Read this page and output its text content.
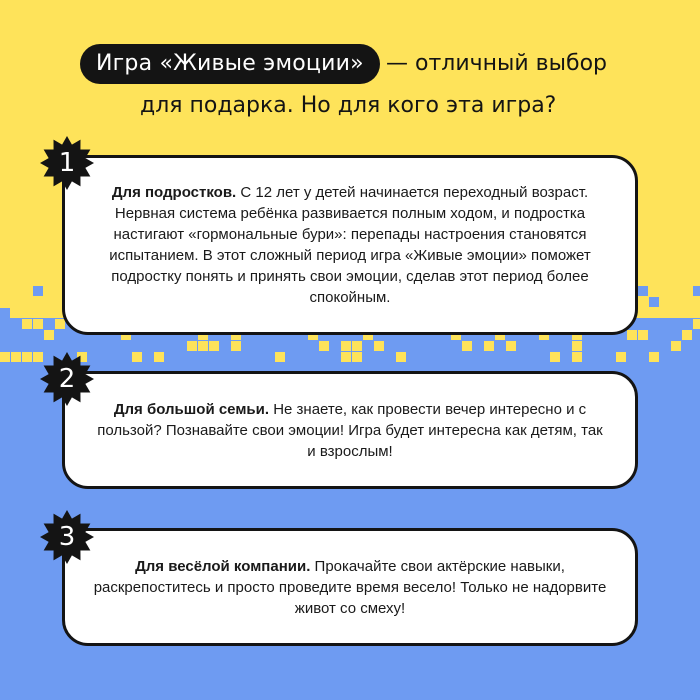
Игра «Живые эмоции»	— отличный выбор
для подарка. Но для кого эта игра?

Для подростков. С 12 лет у детей начинается переходный возраст. Нервная система ребёнка развивается полным ходом, и подростка настигают «гормональные бури»: перепады настроения становятся испытанием. В этот сложный период игра «Живые эмоции» поможет подростку понять и принять свои эмоции, сделав этот период более спокойным.

Для большой семьи. Не знаете, как провести вечер интересно и с пользой? Познавайте свои эмоции! Игра будет интересна как детям, так и взрослым!

Для весёлой компании. Прокачайте свои актёрские навыки, раскрепоститесь и просто проведите время весело! Только не надорвите живот со смеху!

1
2
3
